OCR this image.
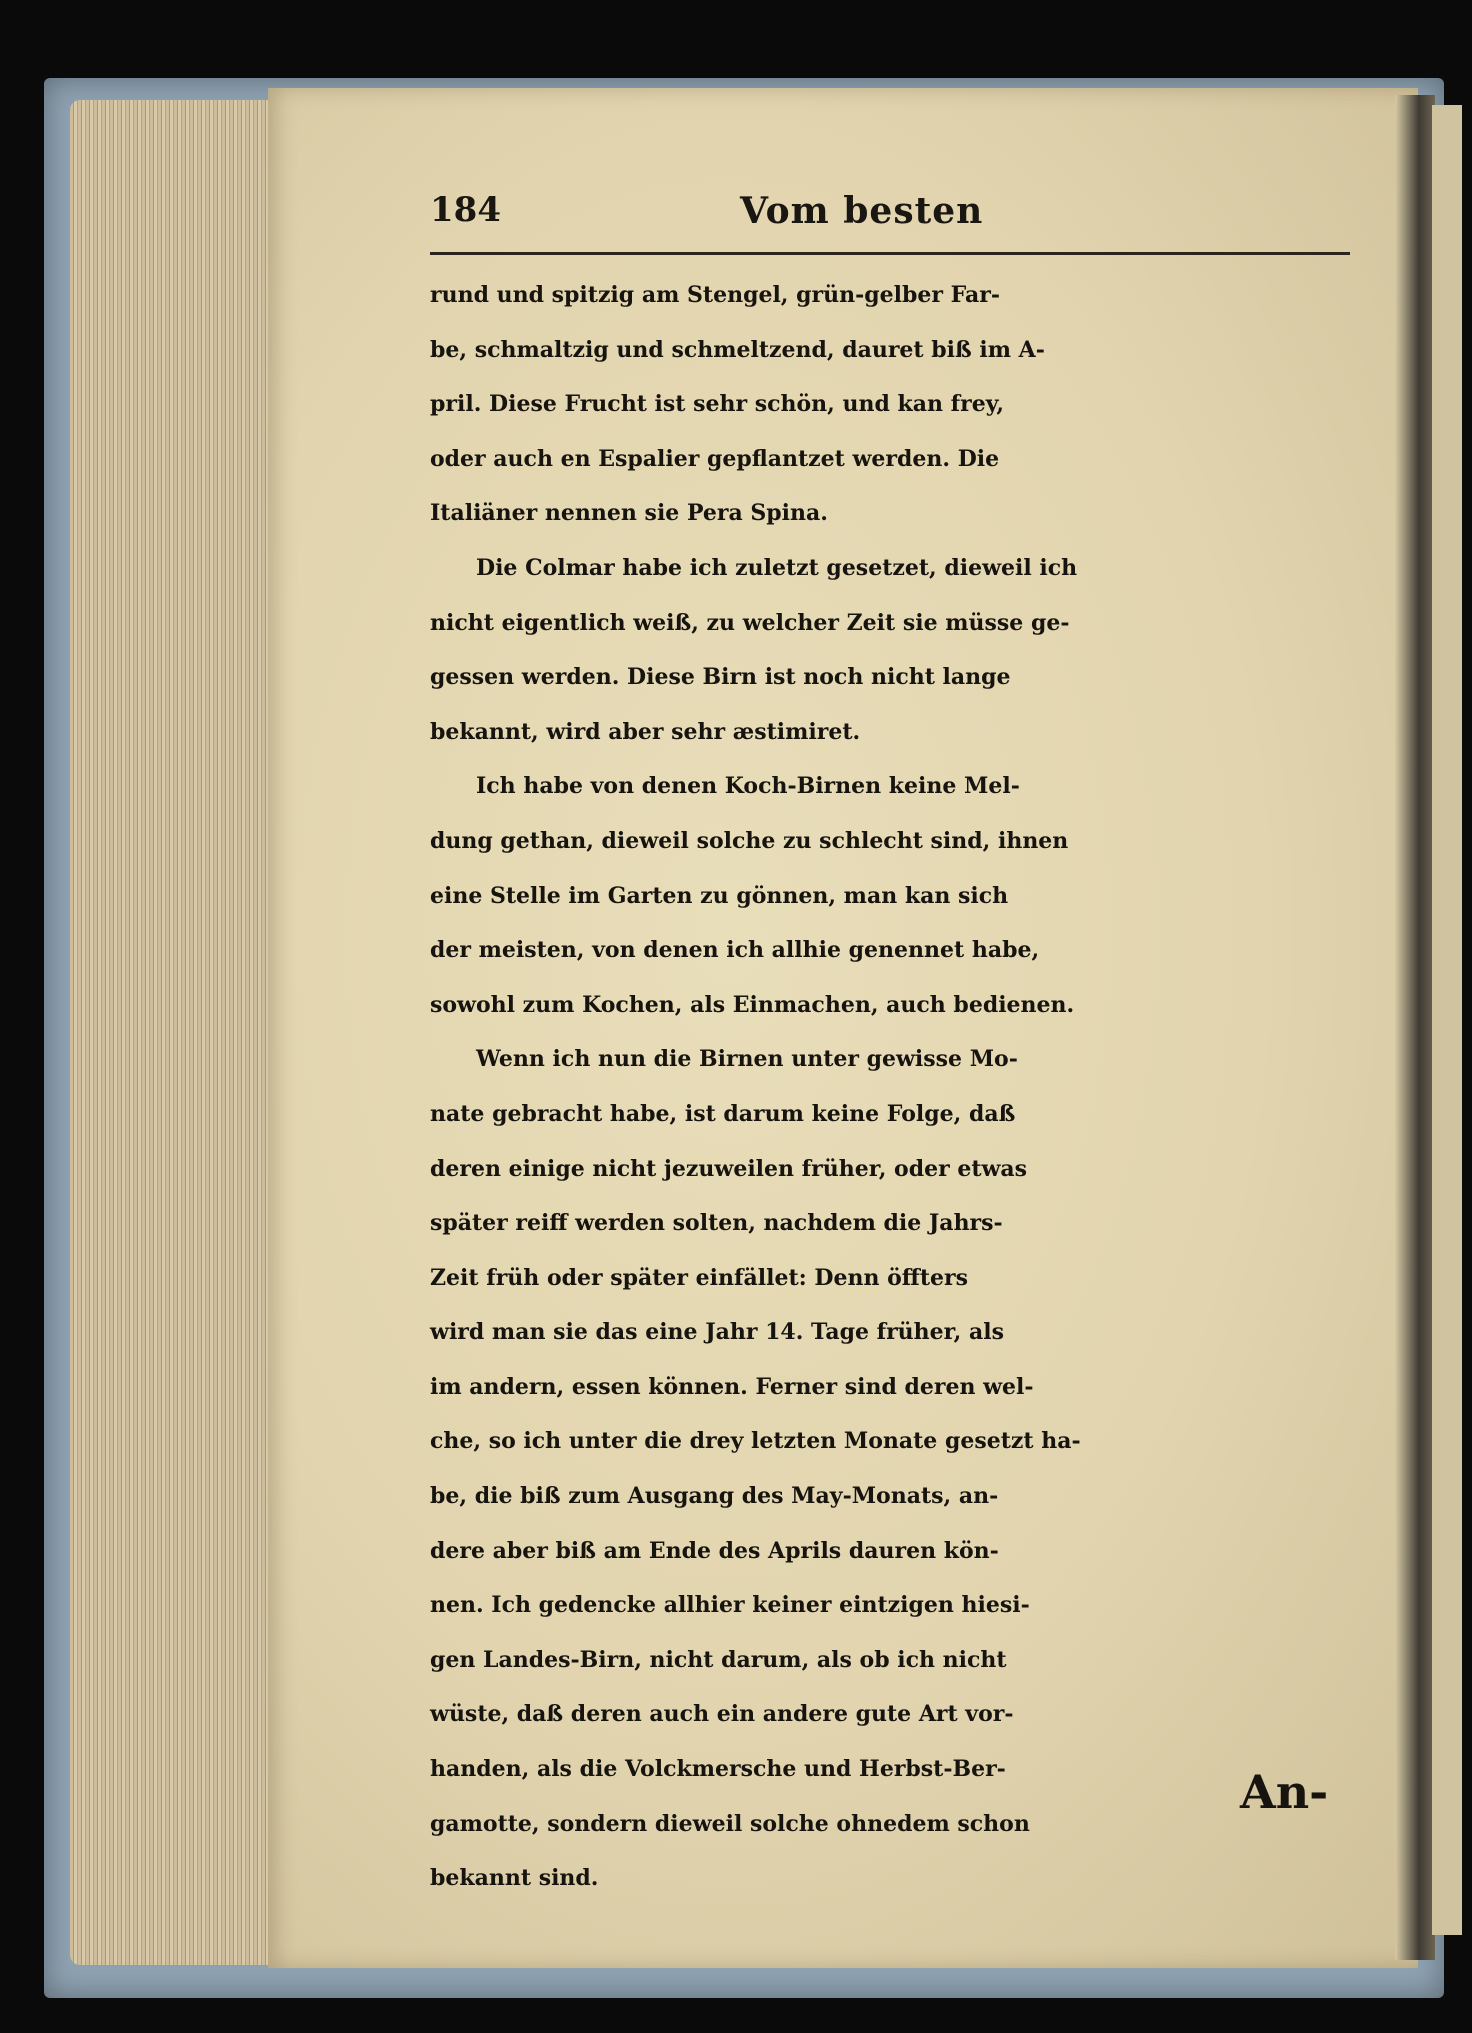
184	Vom besten
rund und spitzig am Stengel, grün-gelber Far-
be, schmaltzig und schmeltzend, dauret biß im A-
pril. Diese Frucht ist sehr schön, und kan frey,
oder auch en Espalier gepflantzet werden. Die
Italiäner nennen sie Pera Spina.
Die Colmar habe ich zuletzt gesetzet, dieweil ich
nicht eigentlich weiß, zu welcher Zeit sie müsse ge-
gessen werden. Diese Birn ist noch nicht lange
bekannt, wird aber sehr æstimiret.
Ich habe von denen Koch-Birnen keine Mel-
dung gethan, dieweil solche zu schlecht sind, ihnen
eine Stelle im Garten zu gönnen, man kan sich
der meisten, von denen ich allhie genennet habe,
sowohl zum Kochen, als Einmachen, auch bedienen.
Wenn ich nun die Birnen unter gewisse Mo-
nate gebracht habe, ist darum keine Folge, daß
deren einige nicht jezuweilen früher, oder etwas
später reiff werden solten, nachdem die Jahrs-
Zeit früh oder später einfället: Denn öffters
wird man sie das eine Jahr 14. Tage früher, als
im andern, essen können. Ferner sind deren wel-
che, so ich unter die drey letzten Monate gesetzt ha-
be, die biß zum Ausgang des May-Monats, an-
dere aber biß am Ende des Aprils dauren kön-
nen. Ich gedencke allhier keiner eintzigen hiesi-
gen Landes-Birn, nicht darum, als ob ich nicht
wüste, daß deren auch ein andere gute Art vor-
handen, als die Volckmersche und Herbst-Ber-
gamotte, sondern dieweil solche ohnedem schon
bekannt sind.
An-
